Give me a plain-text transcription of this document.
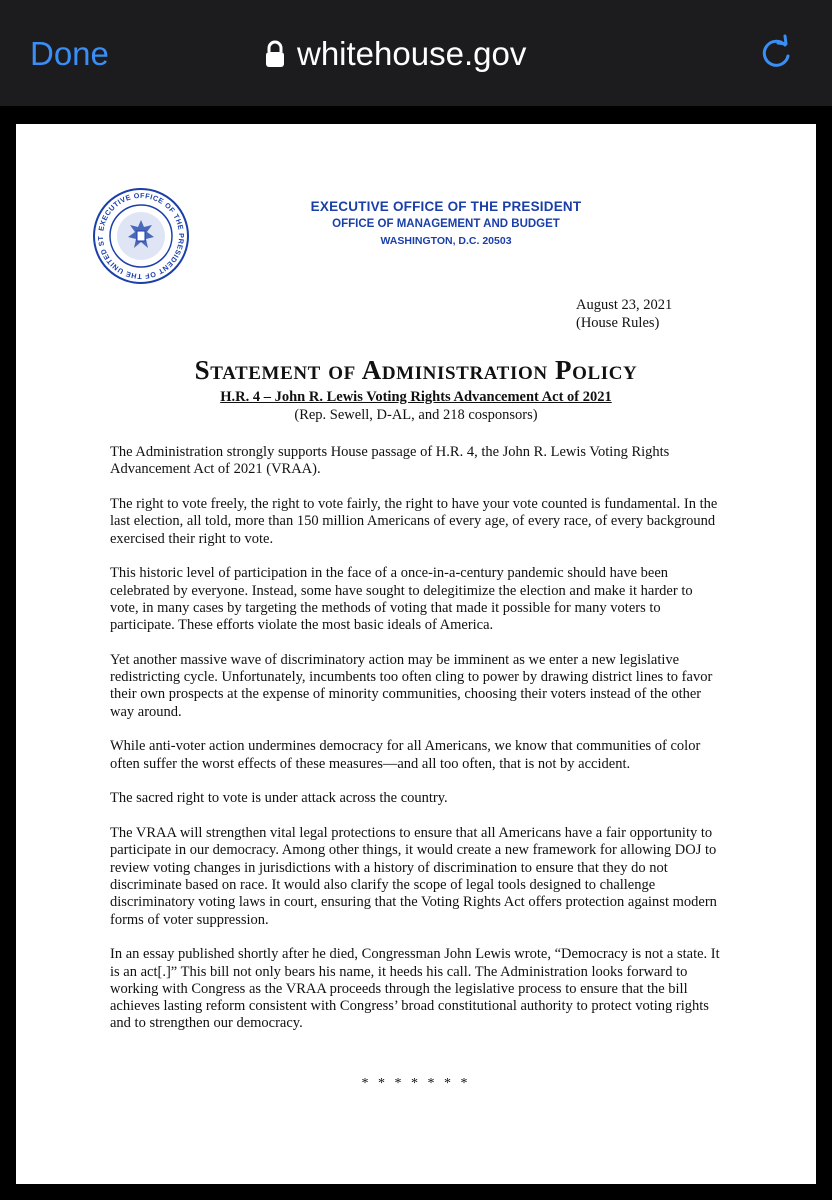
Done	whitehouse.gov
EXECUTIVE OFFICE OF THE PRESIDENT OF THE UNITED ST
EXECUTIVE OFFICE OF THE PRESIDENT
OFFICE OF MANAGEMENT AND BUDGET
WASHINGTON, D.C. 20503
August 23, 2021
(House Rules)
Statement of Administration Policy
H.R. 4 – John R. Lewis Voting Rights Advancement Act of 2021
(Rep. Sewell, D-AL, and 218 cosponsors)

The Administration strongly supports House passage of H.R. 4, the John R. Lewis Voting Rights Advancement Act of 2021 (VRAA).

The right to vote freely, the right to vote fairly, the right to have your vote counted is fundamental. In the last election, all told, more than 150 million Americans of every age, of every race, of every background exercised their right to vote.

This historic level of participation in the face of a once-in-a-century pandemic should have been celebrated by everyone. Instead, some have sought to delegitimize the election and make it harder to vote, in many cases by targeting the methods of voting that made it possible for many voters to participate. These efforts violate the most basic ideals of America.

Yet another massive wave of discriminatory action may be imminent as we enter a new legislative redistricting cycle. Unfortunately, incumbents too often cling to power by drawing district lines to favor their own prospects at the expense of minority communities, choosing their voters instead of the other way around.

While anti-voter action undermines democracy for all Americans, we know that communities of color often suffer the worst effects of these measures—and all too often, that is not by accident.

The sacred right to vote is under attack across the country.

The VRAA will strengthen vital legal protections to ensure that all Americans have a fair opportunity to participate in our democracy. Among other things, it would create a new framework for allowing DOJ to review voting changes in jurisdictions with a history of discrimination to ensure that they do not discriminate based on race. It would also clarify the scope of legal tools designed to challenge discriminatory voting laws in court, ensuring that the Voting Rights Act offers protection against modern forms of voter suppression.

In an essay published shortly after he died, Congressman John Lewis wrote, “Democracy is not a state. It is an act[.]” This bill not only bears his name, it heeds his call. The Administration looks forward to working with Congress as the VRAA proceeds through the legislative process to ensure that the bill achieves lasting reform consistent with Congress’ broad constitutional authority to protect voting rights and to strengthen our democracy.

* * * * * * *
